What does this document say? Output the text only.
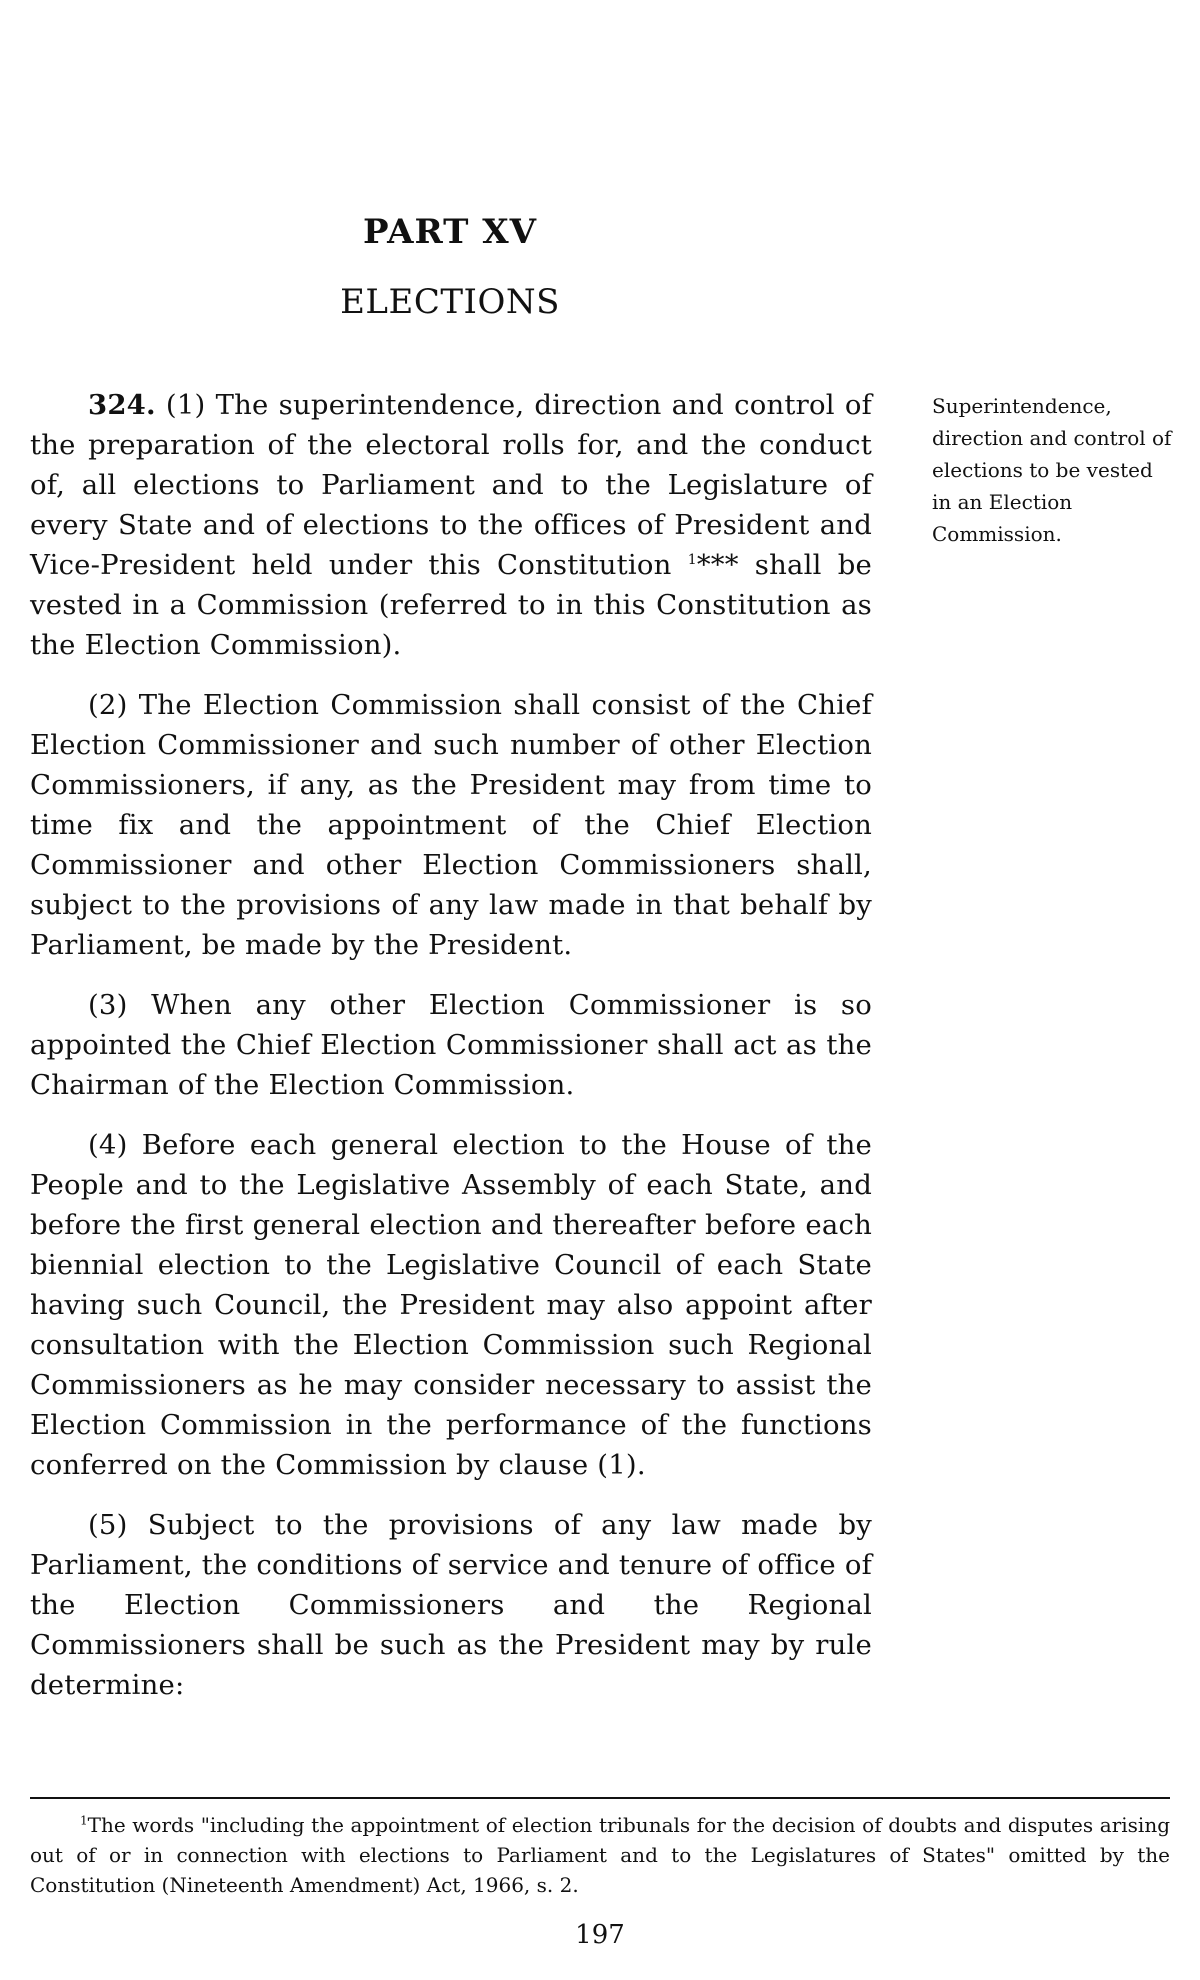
PART XV
ELECTIONS

324. (1) The superintendence, direction and control of the preparation of the electoral rolls for, and the conduct of, all elections to Parliament and to the Legislature of every State and of elections to the offices of President and Vice-President held under this Constitution $^1$*** shall be vested in a Commission (referred to in this Constitution as the Election Commission).

(2) The Election Commission shall consist of the Chief Election Commissioner and such number of other Election Commissioners, if any, as the President may from time to time fix and the appointment of the Chief Election Commissioner and other Election Commissioners shall, subject to the provisions of any law made in that behalf by Parliament, be made by the President.

(3) When any other Election Commissioner is so appointed the Chief Election Commissioner shall act as the Chairman of the Election Commission.

(4) Before each general election to the House of the People and to the Legislative Assembly of each State, and before the first general election and thereafter before each biennial election to the Legislative Council of each State having such Council, the President may also appoint after consultation with the Election Commission such Regional Commissioners as he may consider necessary to assist the Election Commission in the performance of the functions conferred on the Commission by clause (1).

(5) Subject to the provisions of any law made by Parliament, the conditions of service and tenure of office of the Election Commissioners and the Regional Commissioners shall be such as the President may by rule determine:

Superintendence, direction and control of elections to be vested in an Election Commission.
$^1$The words "including the appointment of election tribunals for the decision of doubts and disputes arising out of or in connection with elections to Parliament and to the Legislatures of States" omitted by the Constitution (Nineteenth Amendment) Act, 1966, s. 2.
197
